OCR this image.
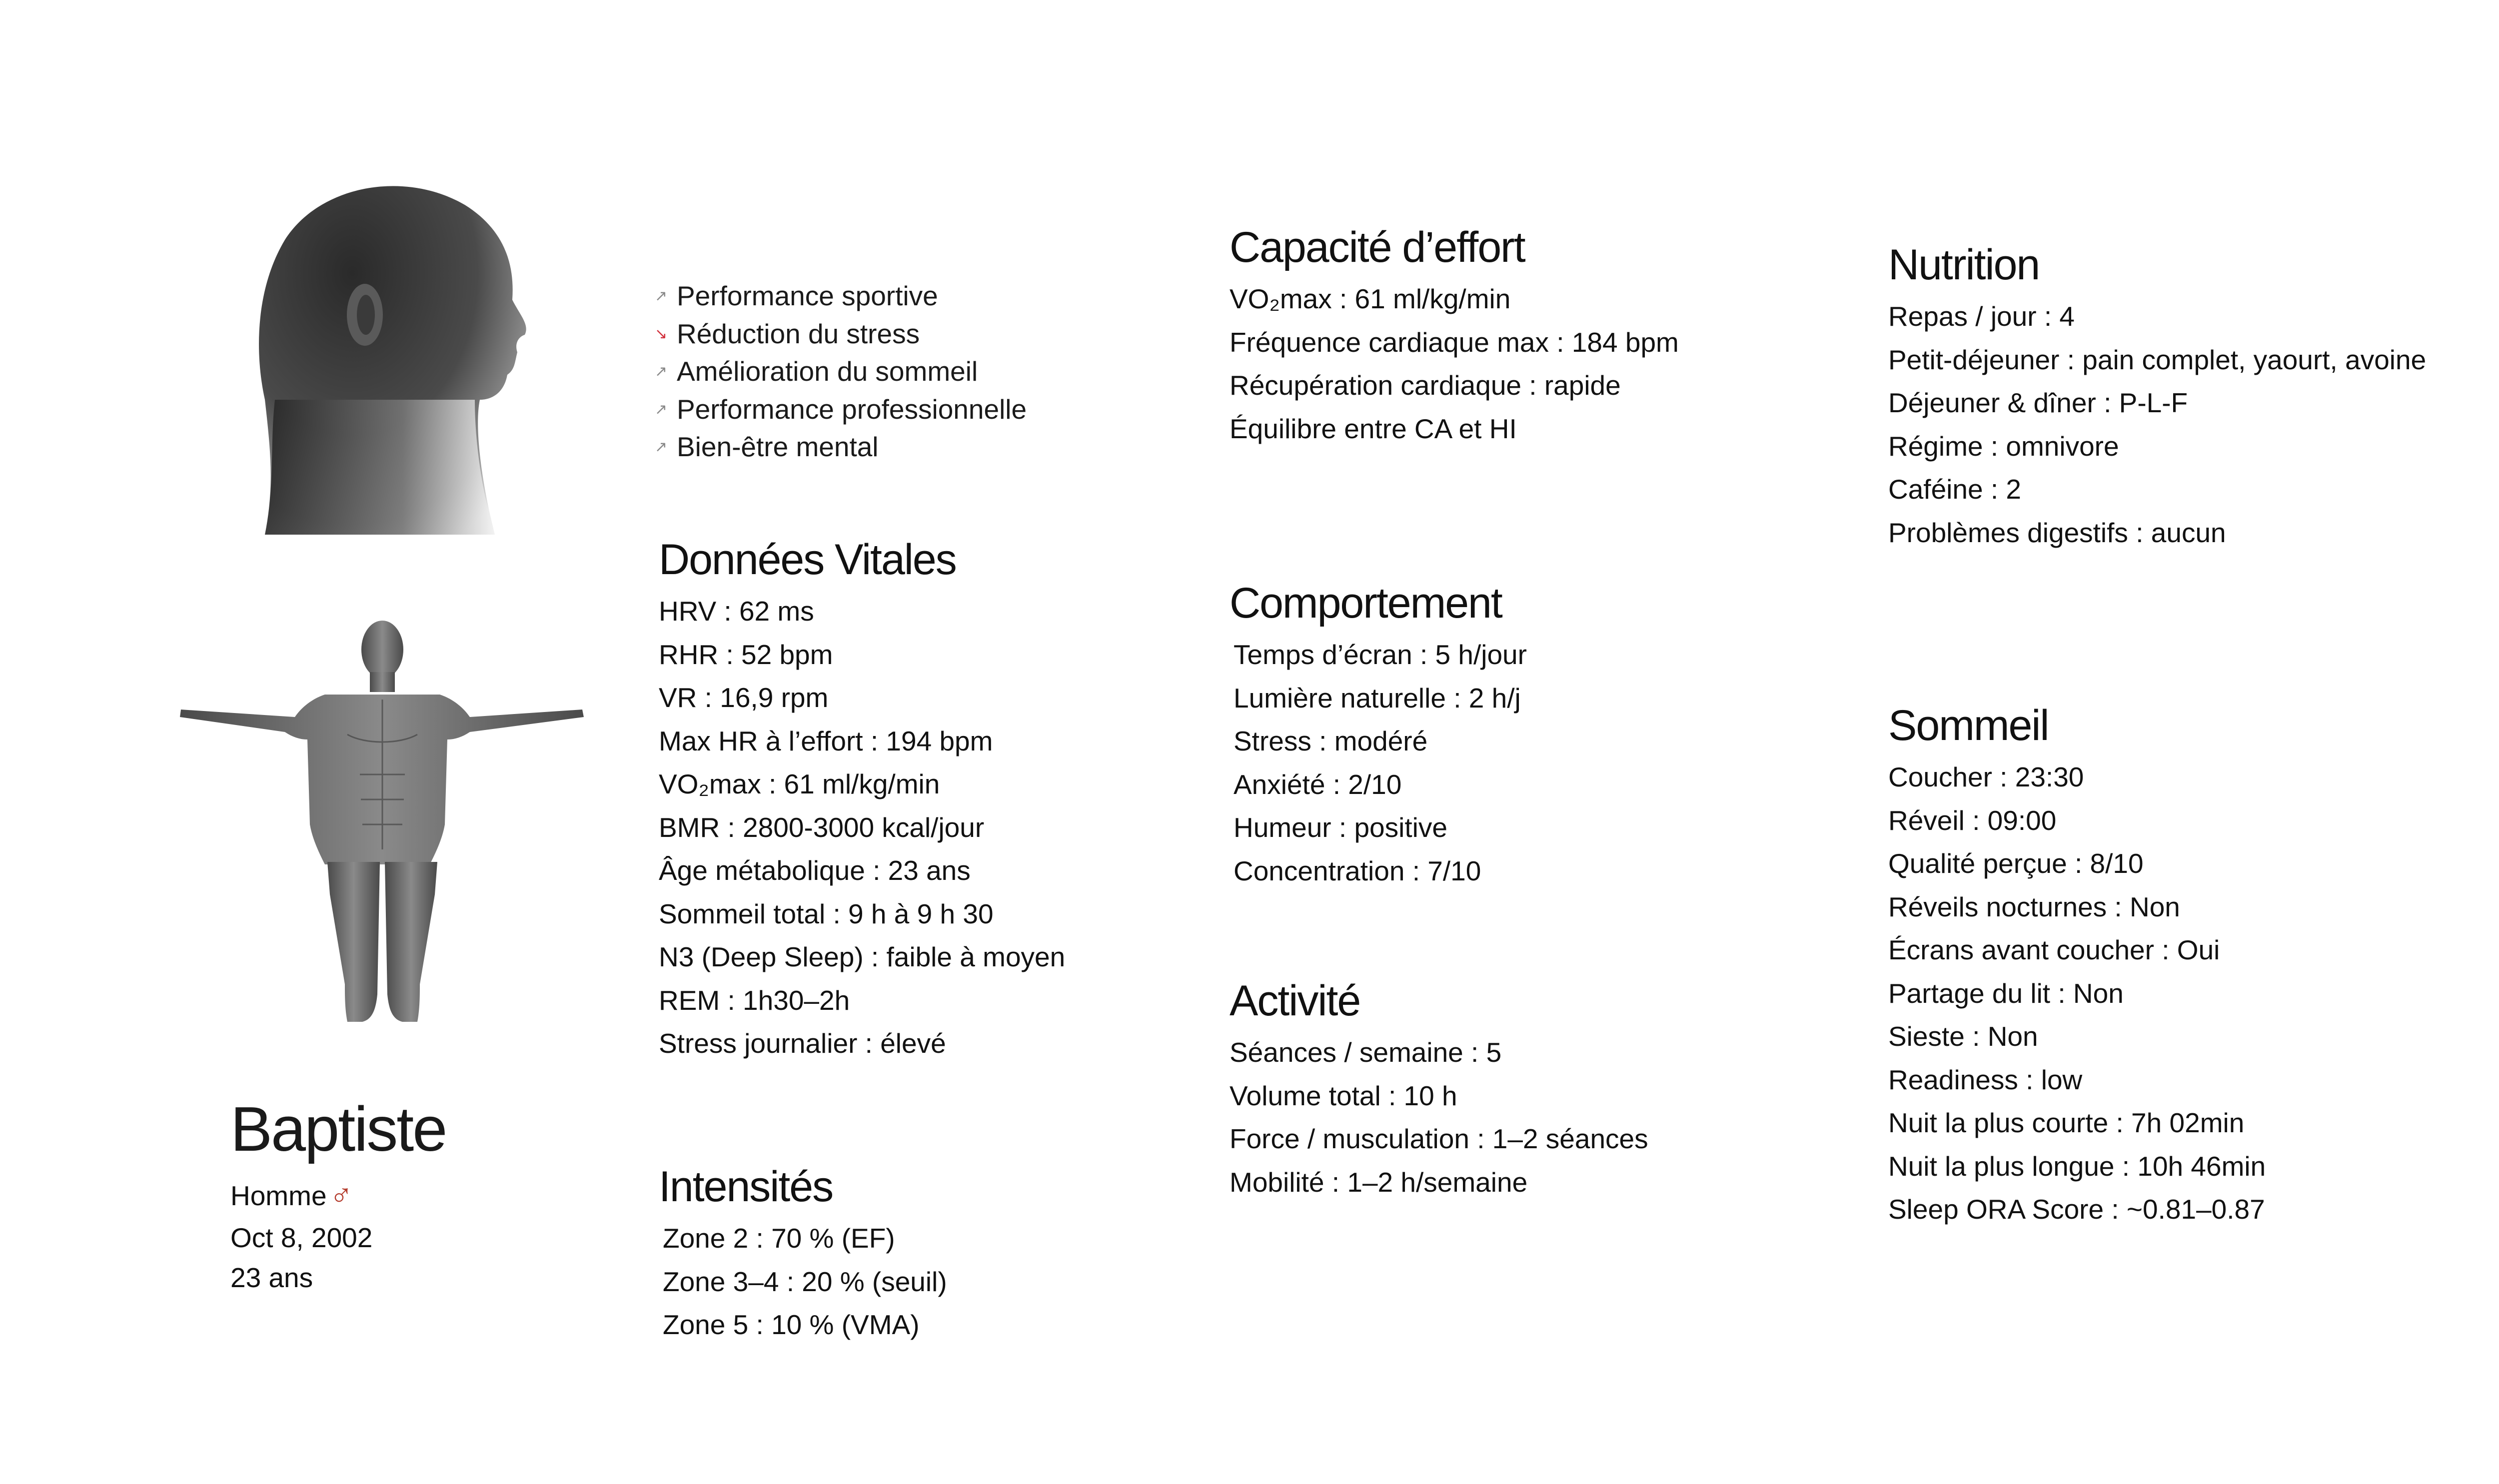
Baptiste
Homme ♂
Oct 8, 2002
23 ans
↗ Performance sportive
↘ Réduction du stress
↗ Amélioration du sommeil
↗ Performance professionnelle
↗ Bien-être mental
Données Vitales
HRV : 62 ms
RHR : 52 bpm
VR : 16,9 rpm
Max HR à l’effort : 194 bpm
VO₂max : 61 ml/kg/min
BMR : 2800-3000 kcal/jour
Âge métabolique : 23 ans
Sommeil total : 9 h à 9 h 30
N3 (Deep Sleep) : faible à moyen
REM : 1h30–2h
Stress journalier : élevé
Intensités
Zone 2 : 70 % (EF)
Zone 3–4 : 20 % (seuil)
Zone 5 : 10 % (VMA)
Capacité d’effort
VO₂max : 61 ml/kg/min
Fréquence cardiaque max : 184 bpm
Récupération cardiaque : rapide
Équilibre entre CA et HI
Comportement
Temps d’écran : 5 h/jour
Lumière naturelle : 2 h/j
Stress : modéré
Anxiété : 2/10
Humeur : positive
Concentration : 7/10
Activité
Séances / semaine : 5
Volume total : 10 h
Force / musculation : 1–2 séances
Mobilité : 1–2 h/semaine
Nutrition
Repas / jour : 4
Petit-déjeuner : pain complet, yaourt, avoine
Déjeuner & dîner : P-L-F
Régime : omnivore
Caféine : 2
Problèmes digestifs : aucun
Sommeil
Coucher : 23:30
Réveil : 09:00
Qualité perçue : 8/10
Réveils nocturnes : Non
Écrans avant coucher : Oui
Partage du lit : Non
Sieste : Non
Readiness : low
Nuit la plus courte : 7h 02min
Nuit la plus longue : 10h 46min
Sleep ORA Score : ~0.81–0.87
